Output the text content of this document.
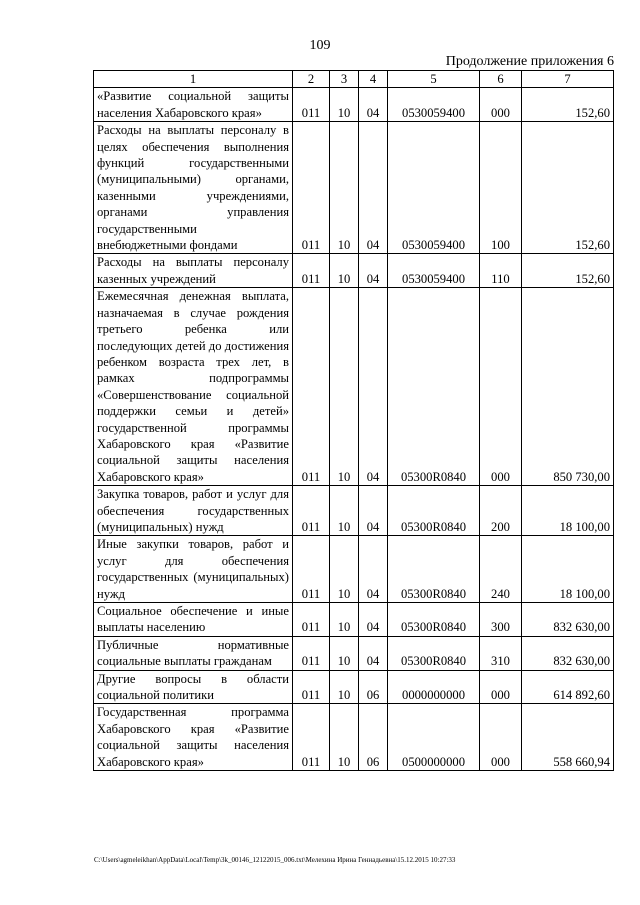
109
Продолжение приложения 6
1	2	3	4	5	6	7
«Развитие социальной защиты населения Хабаровского края»	011	10	04	0530059400	000	152,60
Расходы на выплаты персоналу в целях обеспечения выполнения функций государственными (муниципальными) органами, казенными учреждениями, органами управления государственными внебюджетными фондами	011	10	04	0530059400	100	152,60
Расходы на выплаты персоналу казенных учреждений	011	10	04	0530059400	110	152,60
Ежемесячная денежная выплата, назначаемая в случае рождения третьего ребенка или последующих детей до достижения ребенком возраста трех лет, в рамках подпрограммы «Совершенствование социальной поддержки семьи и детей» государственной программы Хабаровского края «Развитие социальной защиты населения Хабаровского края»	011	10	04	05300R0840	000	850 730,00
Закупка товаров, работ и услуг для обеспечения государственных (муниципальных) нужд	011	10	04	05300R0840	200	18 100,00
Иные закупки товаров, работ и услуг для обеспечения государственных (муниципальных) нужд	011	10	04	05300R0840	240	18 100,00
Социальное обеспечение и иные выплаты населению	011	10	04	05300R0840	300	832 630,00
Публичные нормативные социальные выплаты гражданам	011	10	04	05300R0840	310	832 630,00
Другие вопросы в области социальной политики	011	10	06	0000000000	000	614 892,60
Государственная программа Хабаровского края «Развитие социальной защиты населения Хабаровского края»	011	10	06	0500000000	000	558 660,94
C:\Users\agmeleikhan\AppData\Local\Temp\3k_00146_12122015_006.txt\Мелехина Ирина Геннадьевна\15.12.2015 10:27:33
